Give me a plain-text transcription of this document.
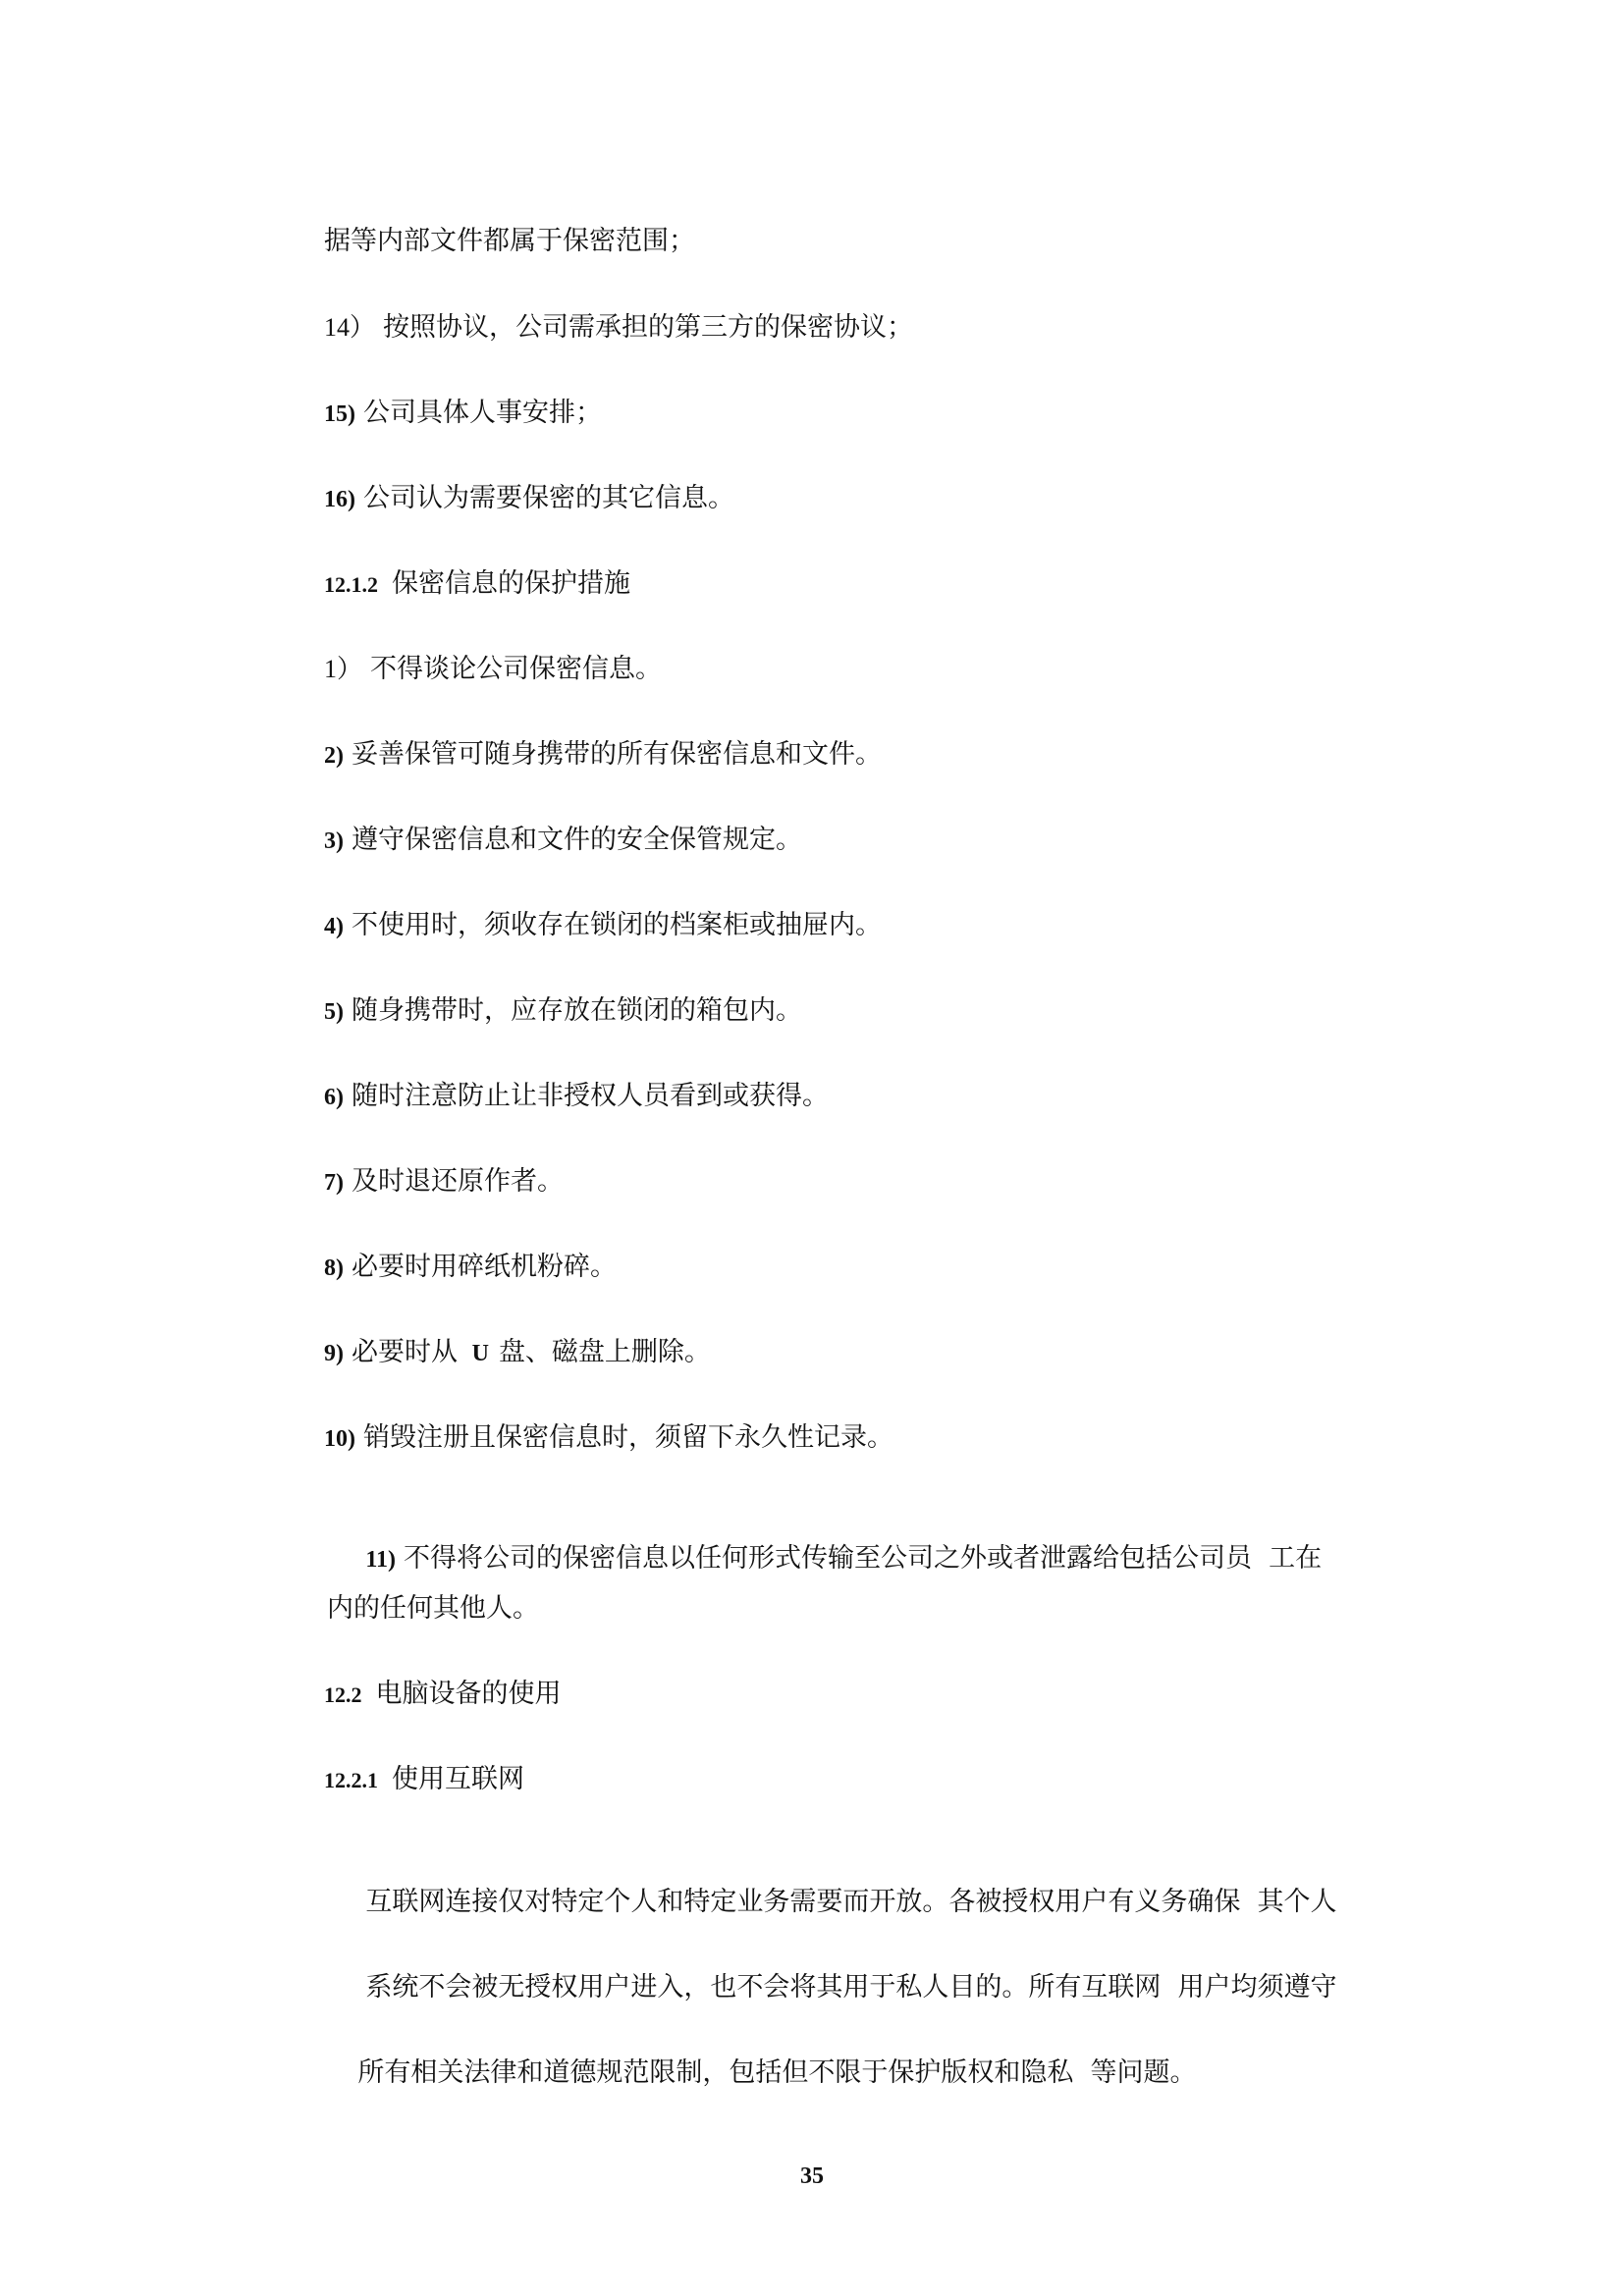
据等内部文件都属于保密范围；
14） 按照协议，公司需承担的第三方的保密协议；
15) 公司具体人事安排；
16) 公司认为需要保密的其它信息。
12.1.2 保密信息的保护措施
1） 不得谈论公司保密信息。
2) 妥善保管可随身携带的所有保密信息和文件。
3) 遵守保密信息和文件的安全保管规定。
4) 不使用时，须收存在锁闭的档案柜或抽屉内。
5) 随身携带时，应存放在锁闭的箱包内。
6) 随时注意防止让非授权人员看到或获得。
7) 及时退还原作者。
8) 必要时用碎纸机粉碎。
9) 必要时从 U 盘、磁盘上删除。
10) 销毁注册且保密信息时，须留下永久性记录。

11) 不得将公司的保密信息以任何形式传输至公司之外或者泄露给包括公司员  工在

内的任何其他人。
12.2 电脑设备的使用
12.2.1 使用互联网

互联网连接仅对特定个人和特定业务需要而开放。各被授权用户有义务确保  其个人

系统不会被无授权用户进入，也不会将其用于私人目的。所有互联网  用户均须遵守

所有相关法律和道德规范限制，包括但不限于保护版权和隐私  等问题。

35
